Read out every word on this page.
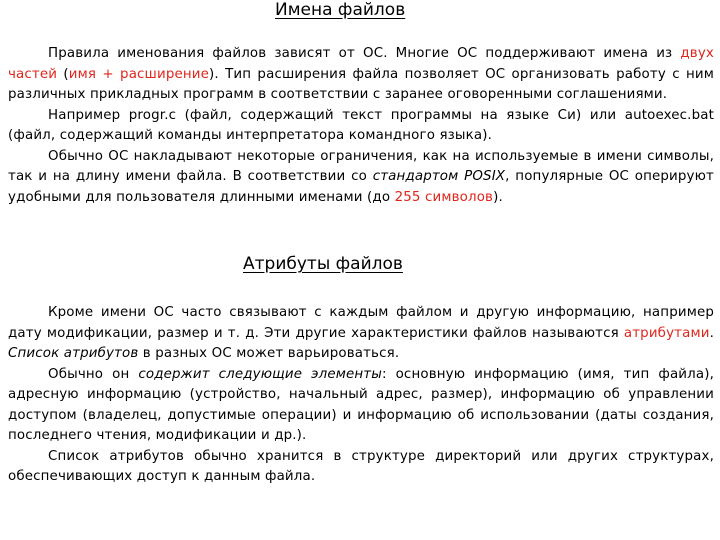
Имена файлов

Правила именования файлов зависят от ОС. Многие ОС поддерживают имена из двух частей (имя + расширение). Тип расширения файла позволяет ОС организовать работу с ним различных прикладных программ в соответствии с заранее оговоренными соглашениями.

Например progr.c (файл, содержащий текст программы на языке Си) или autoexec.bat (файл, содержащий команды интерпретатора командного языка).

Обычно ОС накладывают некоторые ограничения, как на используемые в имени символы, так и на длину имени файла. В соответствии со стандартом POSIX, популярные ОС оперируют удобными для пользователя длинными именами (до 255 символов).

Атрибуты файлов

Кроме имени ОС часто связывают с каждым файлом и другую информацию, например дату модификации, размер и т. д. Эти другие характеристики файлов называются атрибутами. Список атрибутов в разных ОС может варьироваться.

Обычно он содержит следующие элементы: основную информацию (имя, тип файла), адресную информацию (устройство, начальный адрес, размер), информацию об управлении доступом (владелец, допустимые операции) и информацию об использовании (даты создания, последнего чтения, модификации и др.).

Список атрибутов обычно хранится в структуре директорий или других структурах, обеспечивающих доступ к данным файла.
